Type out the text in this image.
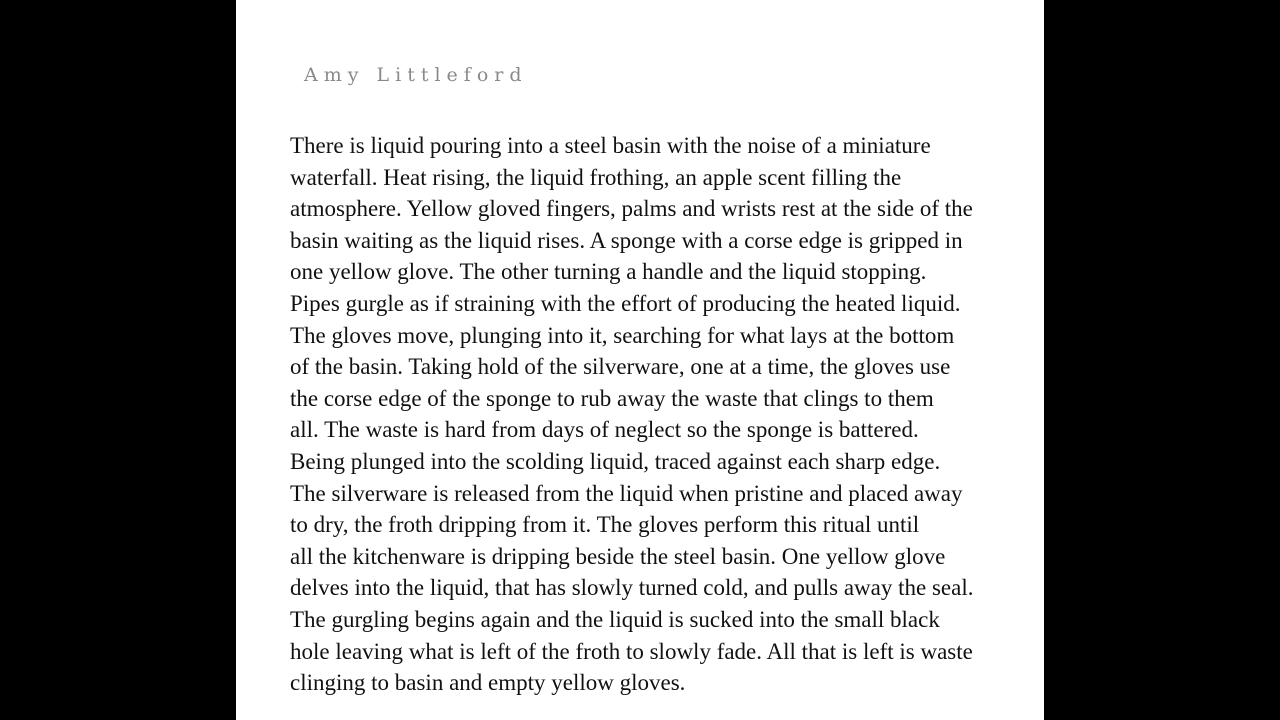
Amy Littleford
There is liquid pouring into a steel basin with the noise of a miniature
waterfall. Heat rising, the liquid frothing, an apple scent filling the
atmosphere. Yellow gloved fingers, palms and wrists rest at the side of the
basin waiting as the liquid rises. A sponge with a corse edge is gripped in
one yellow glove. The other turning a handle and the liquid stopping.
Pipes gurgle as if straining with the effort of producing the heated liquid.
The gloves move, plunging into it, searching for what lays at the bottom
of the basin. Taking hold of the silverware, one at a time, the gloves use
the corse edge of the sponge to rub away the waste that clings to them
all. The waste is hard from days of neglect so the sponge is battered.
Being plunged into the scolding liquid, traced against each sharp edge.
The silverware is released from the liquid when pristine and placed away
to dry, the froth dripping from it. The gloves perform this ritual until
all the kitchenware is dripping beside the steel basin. One yellow glove
delves into the liquid, that has slowly turned cold, and pulls away the seal.
The gurgling begins again and the liquid is sucked into the small black
hole leaving what is left of the froth to slowly fade. All that is left is waste
clinging to basin and empty yellow gloves.
